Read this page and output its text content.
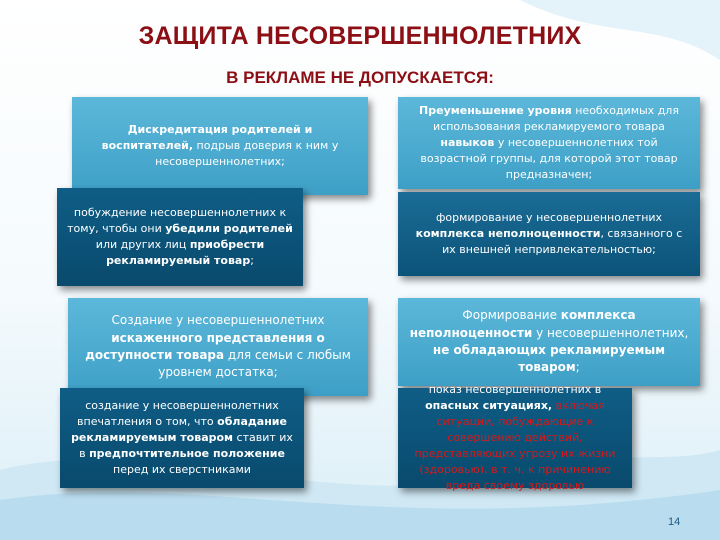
ЗАЩИТА НЕСОВЕРШЕННОЛЕТНИХ
В РЕКЛАМЕ НЕ ДОПУСКАЕТСЯ:
Дискредитация родителей и воспитателей, подрыв доверия к ним у несовершеннолетних;
побуждение несовершеннолетних к тому, чтобы они убедили родителей или других лиц приобрести рекламируемый товар;
Преуменьшение уровня необходимых для использования рекламируемого товара навыков у несовершеннолетних той возрастной группы, для которой этот товар предназначен;
формирование у несовершеннолетних комплекса неполноценности, связанного с их внешней непривлекательностью;
Создание у несовершеннолетних искаженного представления о доступности товара для семьи с любым уровнем достатка;
создание у несовершеннолетних впечатления о том, что обладание рекламируемым товаром ставит их в предпочтительное положение перед их сверстниками
Формирование комплекса неполноценности у несовершеннолетних, не обладающих рекламируемым товаром;
показ несовершеннолетних в опасных ситуациях, включая ситуации, побуждающие к совершению действий, представляющих угрозу их жизни (здоровью), в т. ч. к причинению вреда своему здоровью
14
